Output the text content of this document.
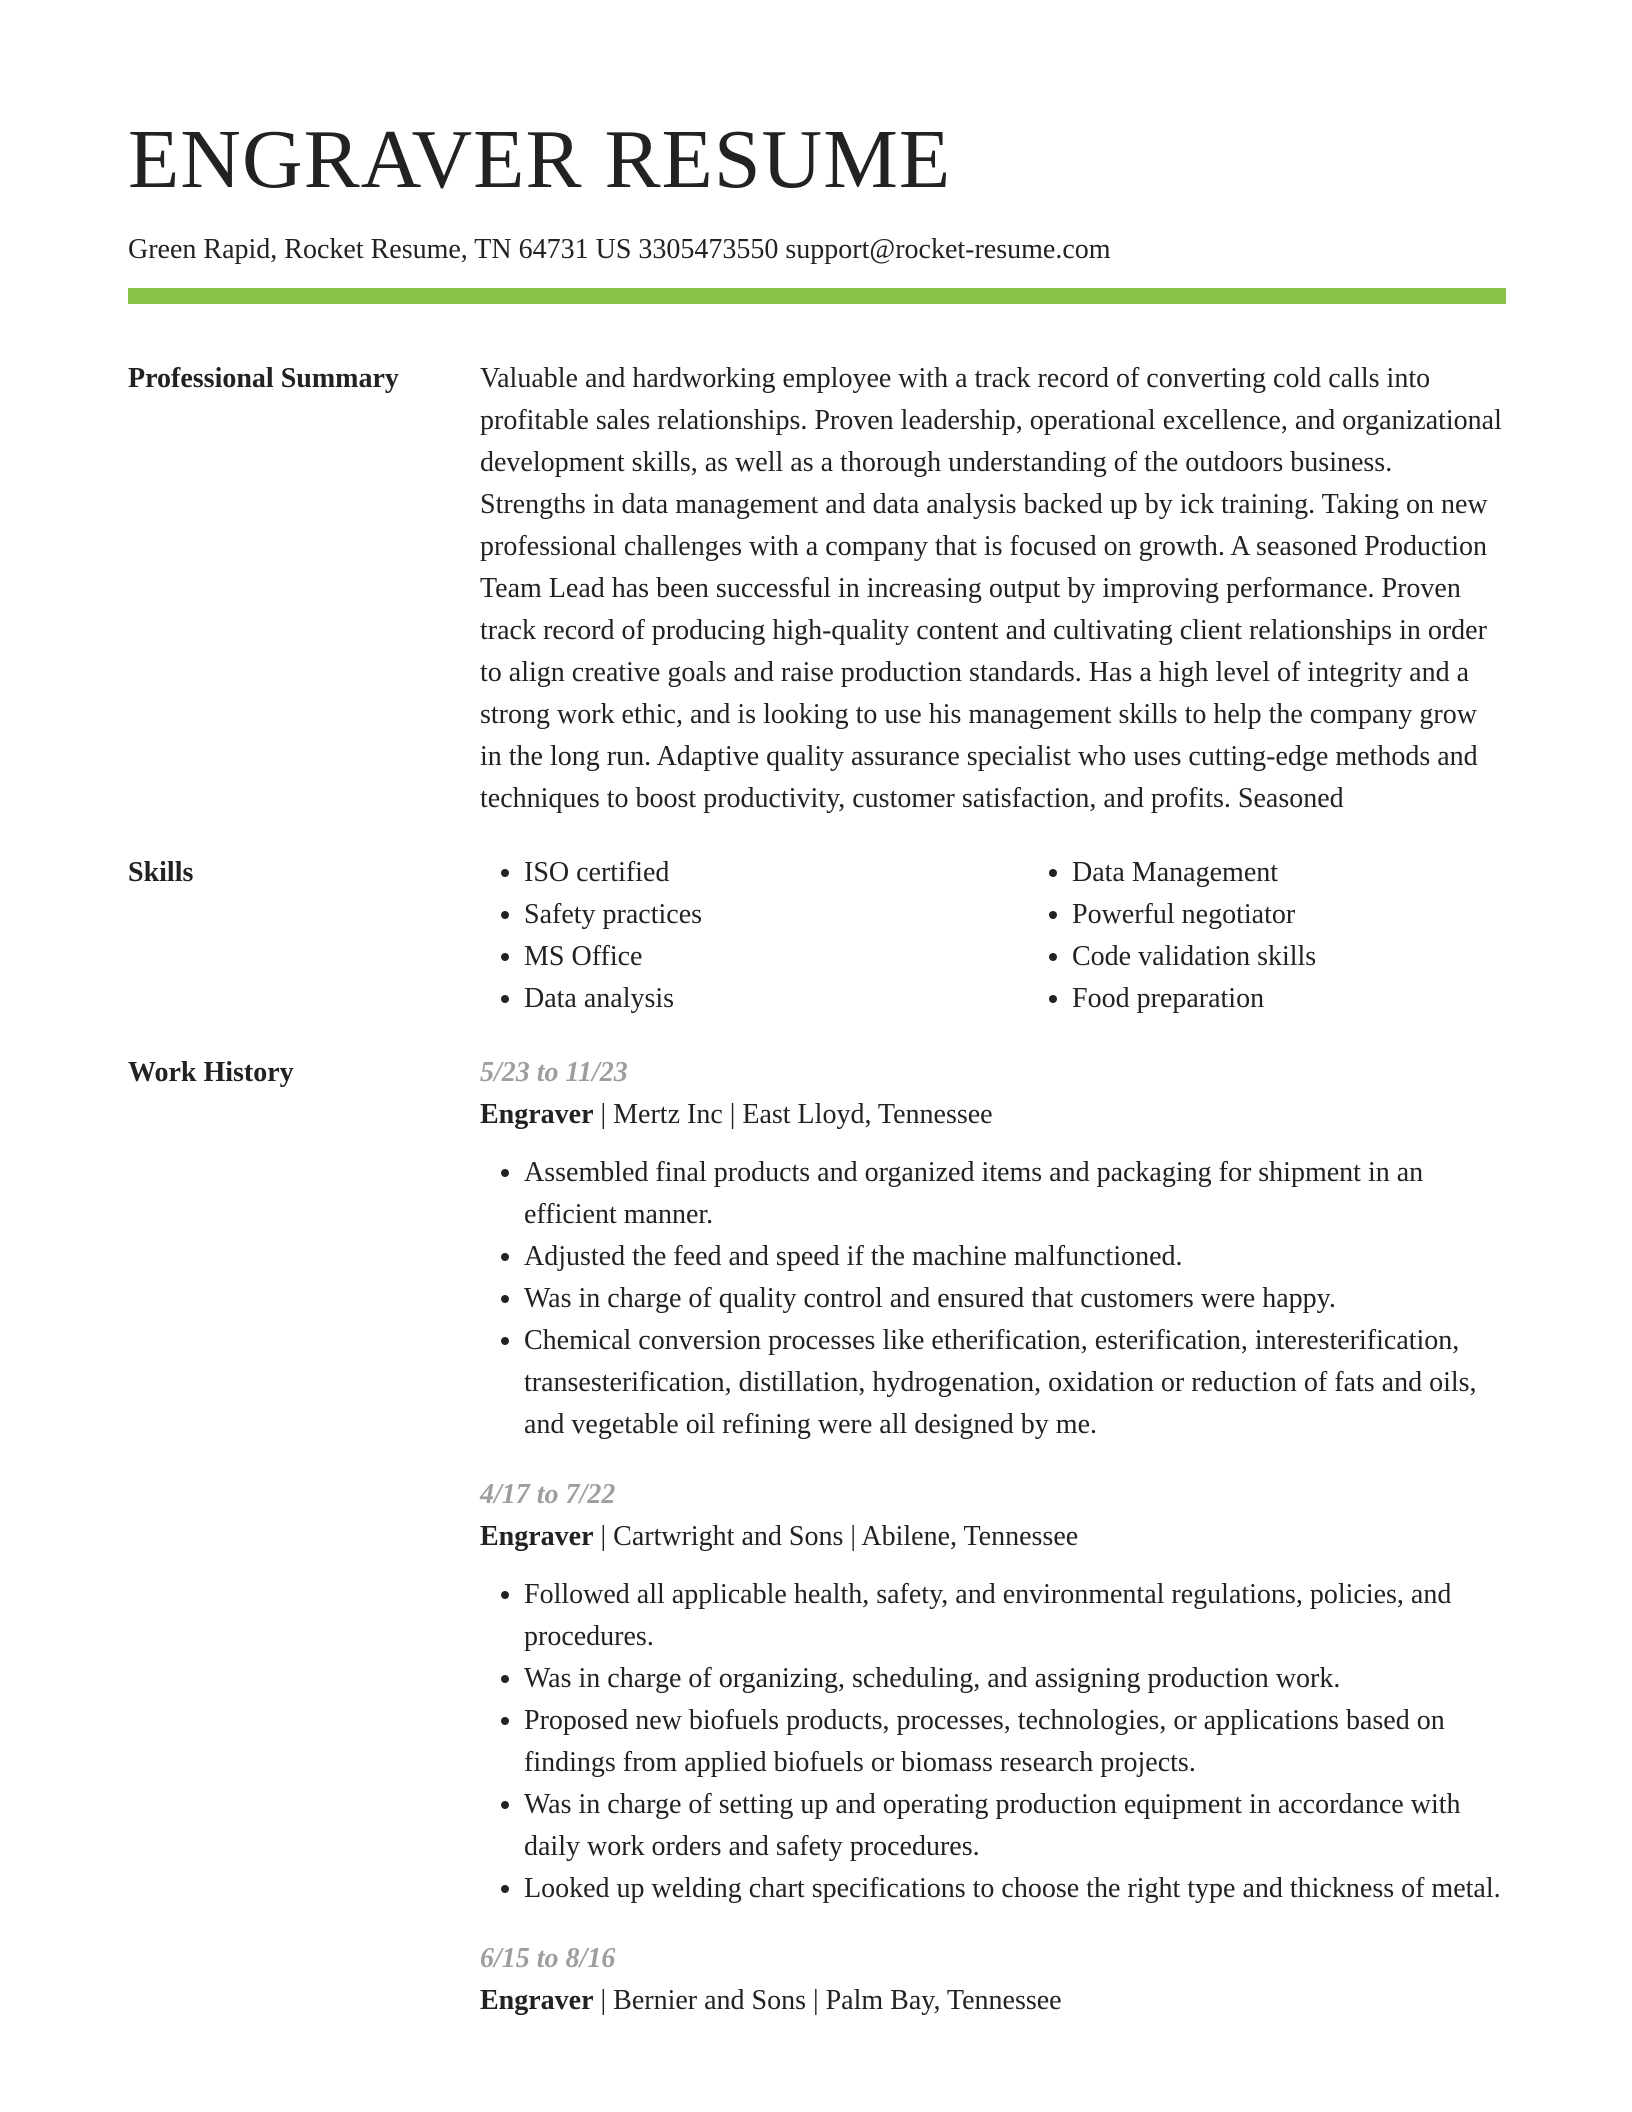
ENGRAVER RESUME
Green Rapid, Rocket Resume, TN 64731 US 3305473550 support@rocket-resume.com
Professional Summary	Valuable and hardworking employee with a track record of converting cold calls into profitable sales relationships. Proven leadership, operational excellence, and organizational development skills, as well as a thorough understanding of the outdoors business. Strengths in data management and data analysis backed up by ick training. Taking on new professional challenges with a company that is focused on growth. A seasoned Production Team Lead has been successful in increasing output by improving performance. Proven track record of producing high-quality content and cultivating client relationships in order to align creative goals and raise production standards. Has a high level of integrity and a strong work ethic, and is looking to use his management skills to help the company grow in the long run. Adaptive quality assurance specialist who uses cutting-edge methods and techniques to boost productivity, customer satisfaction, and profits. Seasoned

Skills
•	ISO certified
• Safety practices
• MS Office
• Data analysis
• Data Management
• Powerful negotiator
• Code validation skills
• Food preparation
Work History	5/23 to 11/23
Engraver | Mertz Inc | East Lloyd, Tennessee
• Assembled final products and organized items and packaging for shipment in an efficient manner.
• Adjusted the feed and speed if the machine malfunctioned.
• Was in charge of quality control and ensured that customers were happy.
• Chemical conversion processes like etherification, esterification, interesterification, transesterification, distillation, hydrogenation, oxidation or reduction of fats and oils, and vegetable oil refining were all designed by me.
4/17 to 7/22
Engraver | Cartwright and Sons | Abilene, Tennessee
• Followed all applicable health, safety, and environmental regulations, policies, and procedures.
• Was in charge of organizing, scheduling, and assigning production work.
• Proposed new biofuels products, processes, technologies, or applications based on findings from applied biofuels or biomass research projects.
• Was in charge of setting up and operating production equipment in accordance with daily work orders and safety procedures.
• Looked up welding chart specifications to choose the right type and thickness of metal.
6/15 to 8/16
Engraver | Bernier and Sons | Palm Bay, Tennessee
